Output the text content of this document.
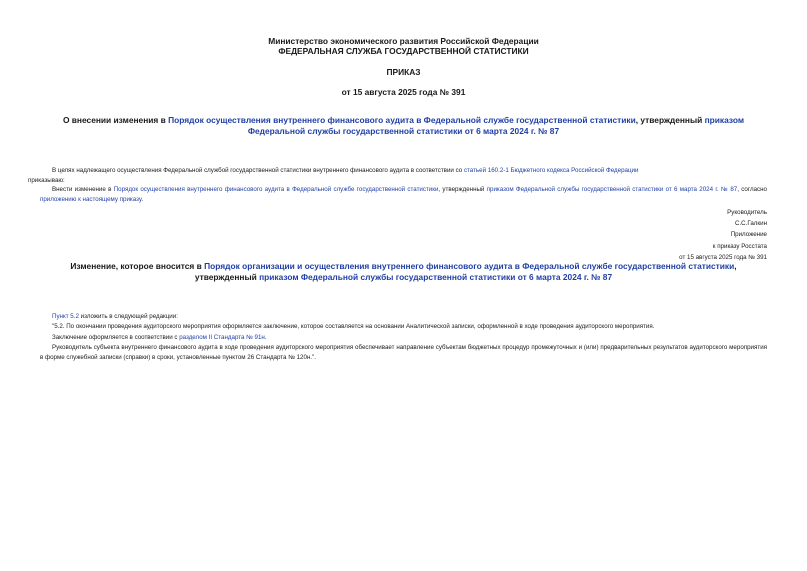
Министерство экономического развития Российской Федерации
ФЕДЕРАЛЬНАЯ СЛУЖБА ГОСУДАРСТВЕННОЙ СТАТИСТИКИ
ПРИКАЗ
от 15 августа 2025 года № 391
О внесении изменения в Порядок осуществления внутреннего финансового аудита в Федеральной службе государственной статистики, утвержденный приказом Федеральной службы государственной статистики от 6 марта 2024 г. № 87
В целях надлежащего осуществления Федеральной службой государственной статистики внутреннего финансового аудита в соответствии со статьей 160.2-1 Бюджетного кодекса Российской Федерации
приказываю:
Внести изменение в Порядок осуществления внутреннего финансового аудита в Федеральной службе государственной статистики, утвержденный приказом Федеральной службы государственной статистики от 6 марта 2024 г. № 87, согласно приложению к настоящему приказу.
Руководитель
С.С.Галкин
Приложение
к приказу Росстата
от 15 августа 2025 года № 391
Изменение, которое вносится в Порядок организации и осуществления внутреннего финансового аудита в Федеральной службе государственной статистики, утвержденный приказом Федеральной службы государственной статистики от 6 марта 2024 г. № 87
Пункт 5.2 изложить в следующей редакции:
"5.2. По окончании проведения аудиторского мероприятия оформляется заключение, которое составляется на основании Аналитической записки, оформленной в ходе проведения аудиторского мероприятия.
Заключение оформляется в соответствии с разделом II Стандарта № 91н.
Руководитель субъекта внутреннего финансового аудита в ходе проведения аудиторского мероприятия обеспечивает направление субъектам бюджетных процедур промежуточных и (или) предварительных результатов аудиторского мероприятия в форме служебной записки (справки) в сроки, установленные пунктом 26 Стандарта № 120н.".
